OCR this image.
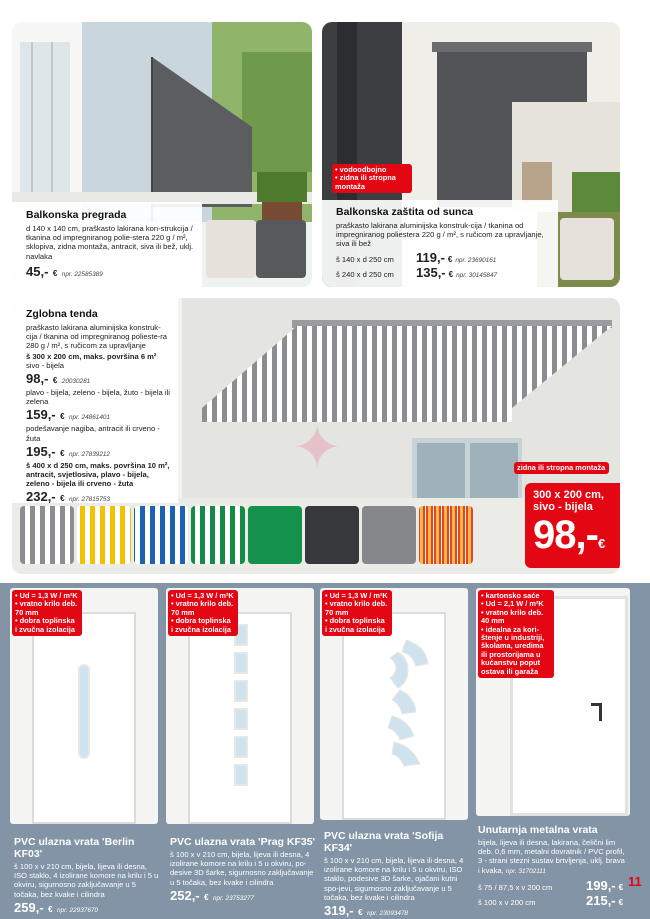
Balkonska pregrada
d 140 x 140 cm, praškasto lakirana kon-strukcija / tkanina od impregniranog polie-stera 220 g / m², sklopiva, zidna montaža, antracit, siva ili bež, uklj. navlaka
45,- € npr. 22585389
• vodoodbojno
• zidna ili stropna montaža
Balkonska zaštita od sunca
praškasto lakirana aluminijska konstruk-cija / tkanina od impregniranog poliestera 220 g / m², s ručicom za upravljanje, siva ili bež
š 140 x d 250 cm	119,- € npr. 23690161
š 240 x d 250 cm	135,- € npr. 30145847
✦
Zglobna tenda
praškasto lakirana aluminijska konstruk-cija / tkanina od impregniranog polieste-ra 280 g / m², s ručicom za upravljanje
š 300 x 200 cm, maks. površina 6 m²
sivo - bijela
98,- € 20030281
plavo - bijela, zeleno - bijela, žuto - bijela ili zelena
159,- € npr. 24861401
podešavanje nagiba, antracit ili crveno - žuta
195,- € npr. 27839212
š 400 x d 250 cm, maks. površina 10 m², antracit, svjetlosiva, plavo - bijela, zeleno - bijela ili crveno - žuta
232,- € npr. 27815753
zidna ili stropna montaža
300 x 200 cm,
sivo - bijela
98,-€
• Ud = 1,3 W / m²K
• vratno krilo deb. 70 mm
• dobra toplinska i zvučna izolacija
PVC ulazna vrata 'Berlin KF03'
š 100 x v 210 cm, bijela, lijeva ili desna, ISO staklo, 4 izolirane komore na krilu i 5 u okviru, sigurnosno zaključavanje u 5 točaka, bez kvake i cilindra
259,- € npr. 22937670
• Ud = 1,3 W / m²K
• vratno krilo deb. 70 mm
• dobra toplinska i zvučna izolacija
PVC ulazna vrata 'Prag KF35'
š 100 x v 210 cm, bijela, lijeva ili desna, 4 izolirane komore na krilu i 5 u okviru, po-desive 3D šarke, sigurnosno zaključavanje u 5 točaka, bez kvake i cilindra
252,- € npr. 23753277
• Ud = 1,3 W / m²K
• vratno krilo deb. 70 mm
• dobra toplinska i zvučna izolacija
PVC ulazna vrata 'Sofija KF34'
š 100 x v 210 cm, bijela, lijeva ili desna, 4 izolirane komore na krilu i 5 u okviru, ISO staklo, podesive 3D šarke, ojačani kutni spo-jevi, sigurnosno zaključavanje u 5 točaka, bez kvake i cilindra
319,- € npr. 23093478
• kartonsko saće
• Ud = 2,1 W / m²K
• vratno krilo deb. 40 mm
• idealna za kori-štenje u industriji, školama, uredima ili prostorijama u kućanstvu poput ostava ili garaža
Unutarnja metalna vrata
bijela, lijeva ili desna, lakirana, čelični lim deb. 0,6 mm, metalni dovratnik / PVC profil, 3 - strani stezni sustav brtvljenja, uklj. brava i kvaka, npr. 31702111
š 75 / 87,5 x v 200 cm	199,- €
š 100 x v 200 cm	215,- €
11
